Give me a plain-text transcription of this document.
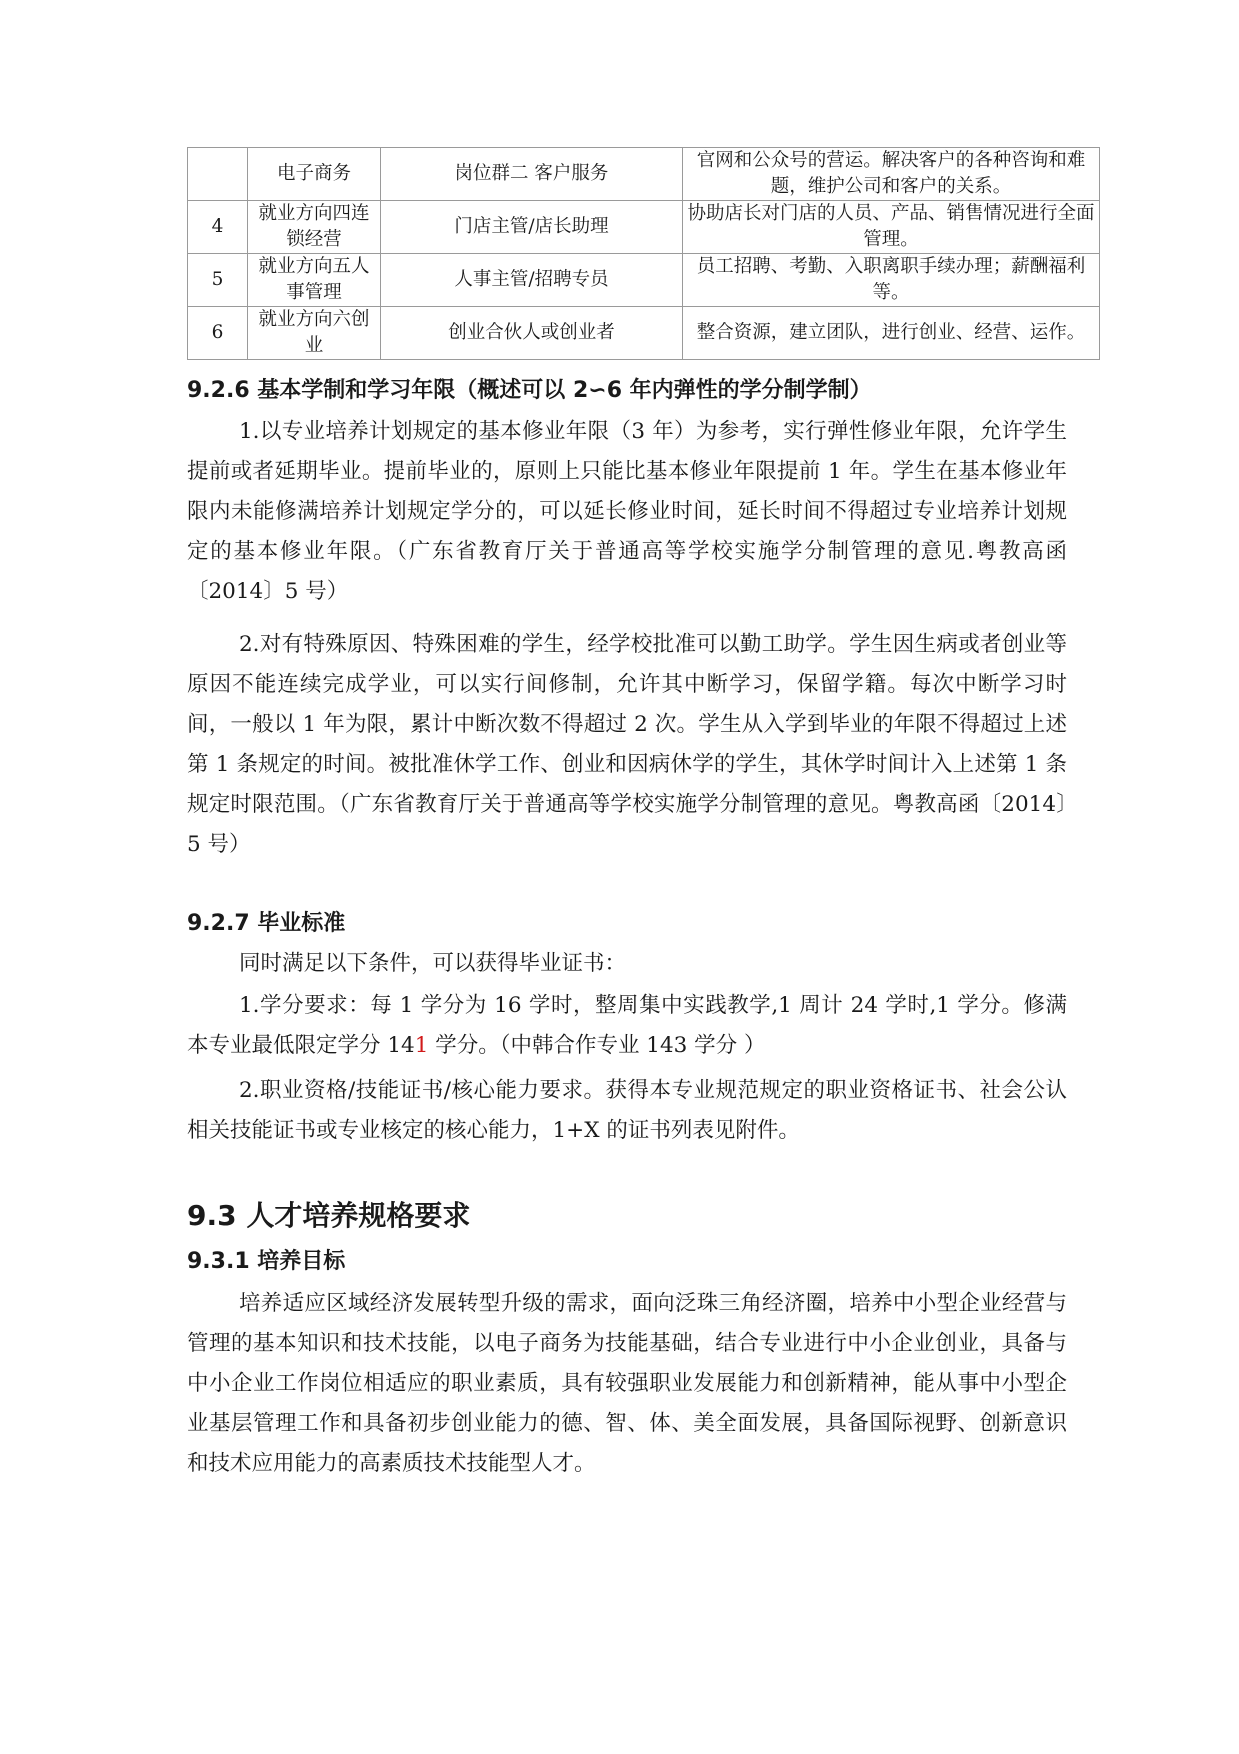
	电子商务	岗位群二 客户服务	官网和公众号的营运。解决客户的各种咨询和难题，维护公司和客户的关系。
4	就业方向四连锁经营	门店主管/店长助理	协助店长对门店的人员、产品、销售情况进行全面管理。
5	就业方向五人事管理	人事主管/招聘专员	员工招聘、考勤、入职离职手续办理；薪酬福利等。
6	就业方向六创业	创业合伙人或创业者	整合资源，建立团队，进行创业、经营、运作。
9.2.6 基本学制和学习年限（概述可以 2∽6 年内弹性的学分制学制）

1.以专业培养计划规定的基本修业年限（3 年）为参考，实行弹性修业年限，允许学生提前或者延期毕业。提前毕业的，原则上只能比基本修业年限提前 1 年。学生在基本修业年限内未能修满培养计划规定学分的，可以延长修业时间，延长时间不得超过专业培养计划规定的基本修业年限。（广东省教育厅关于普通高等学校实施学分制管理的意见.粤教高函〔2014〕5 号）

2.对有特殊原因、特殊困难的学生，经学校批准可以勤工助学。学生因生病或者创业等原因不能连续完成学业，可以实行间修制，允许其中断学习，保留学籍。每次中断学习时间，一般以 1 年为限，累计中断次数不得超过 2 次。学生从入学到毕业的年限不得超过上述第 1 条规定的时间。被批准休学工作、创业和因病休学的学生，其休学时间计入上述第 1 条规定时限范围。（广东省教育厅关于普通高等学校实施学分制管理的意见。粤教高函〔2014〕5 号）

9.2.7 毕业标准

同时满足以下条件，可以获得毕业证书：

1.学分要求：每 1 学分为 16 学时，整周集中实践教学,1 周计 24 学时,1 学分。修满本专业最低限定学分 141 学分。（中韩合作专业 143 学分 ）

2.职业资格/技能证书/核心能力要求。获得本专业规范规定的职业资格证书、社会公认相关技能证书或专业核定的核心能力，1+X 的证书列表见附件。

9.3 人才培养规格要求
9.3.1 培养目标

培养适应区域经济发展转型升级的需求，面向泛珠三角经济圈，培养中小型企业经营与管理的基本知识和技术技能，以电子商务为技能基础，结合专业进行中小企业创业，具备与中小企业工作岗位相适应的职业素质，具有较强职业发展能力和创新精神，能从事中小型企业基层管理工作和具备初步创业能力的德、智、体、美全面发展，具备国际视野、创新意识和技术应用能力的高素质技术技能型人才。
